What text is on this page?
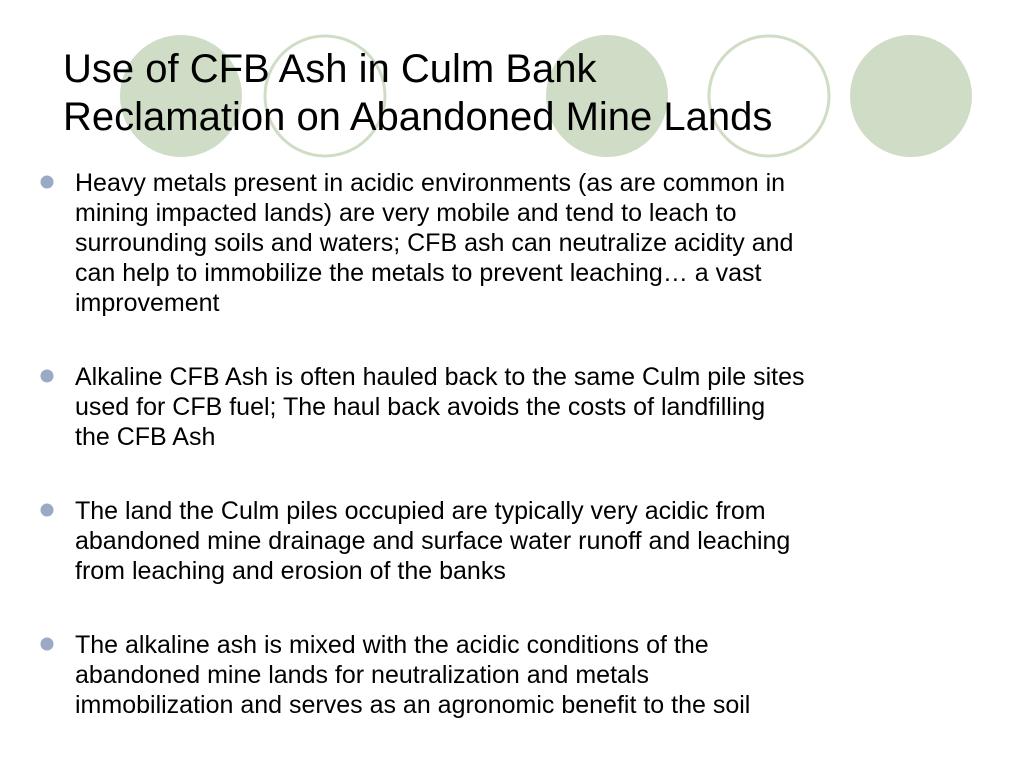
Use of CFB Ash in Culm Bank
Reclamation on Abandoned Mine Lands
Heavy metals present in acidic environments (as are common in
mining impacted lands) are very mobile and tend to leach to
surrounding soils and waters; CFB ash can neutralize acidity and
can help to immobilize the metals to prevent leaching… a vast
improvement
Alkaline CFB Ash is often hauled back to the same Culm pile sites
used for CFB fuel; The haul back avoids the costs of landfilling
the CFB Ash
The land the Culm piles occupied are typically very acidic from
abandoned mine drainage and surface water runoff and leaching
from leaching and erosion of the banks
The alkaline ash is mixed with the acidic conditions of the
abandoned mine lands for neutralization and metals
immobilization and serves as an agronomic benefit to the soil
